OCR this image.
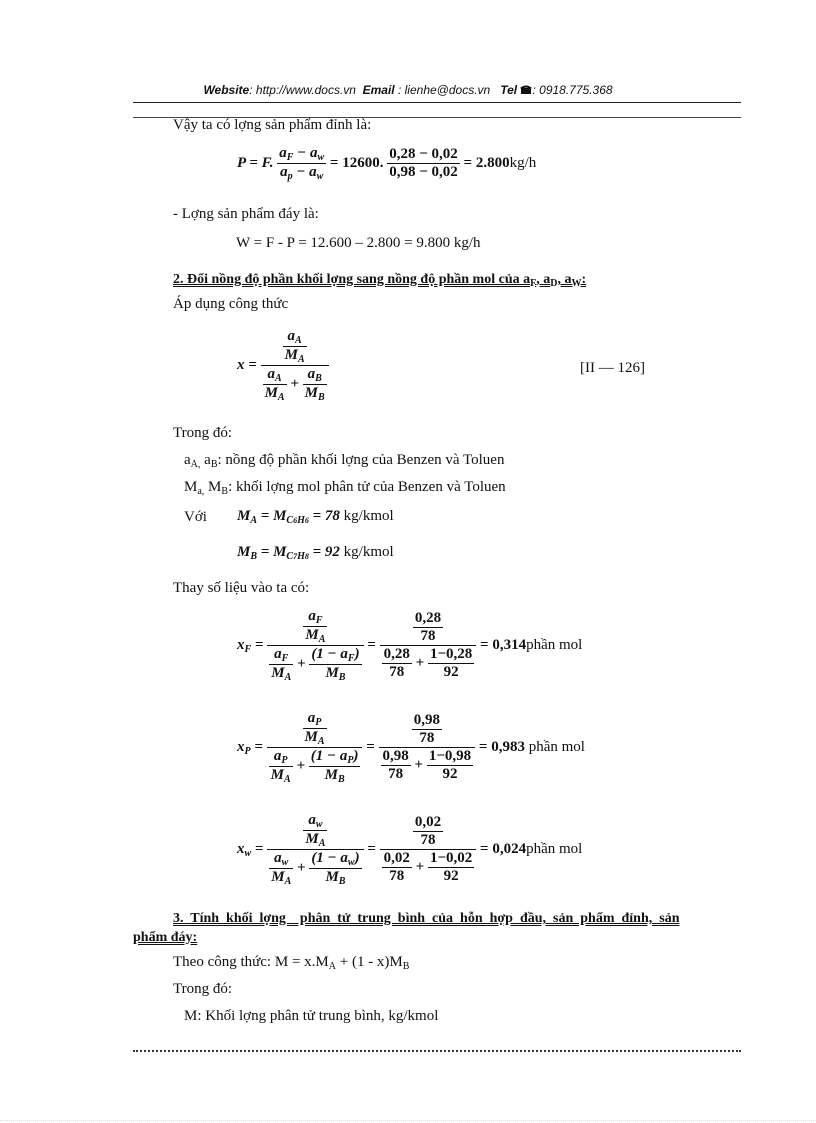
Website: http://www.docs.vn Email : lienhe@docs.vn Tel : 0918.775.368
Vậy ta có lợng sản phẩm đỉnh là:
P = F. $\frac{a_F - a_w}{a_p - a_w} = 12600$. $\frac{0,28 - 0,02}{0,98 - 0,02} = 2.800kg/h$
- Lợng sản phẩm đáy là:
W = F - P = 12.600 – 2.800 = 9.800 kg/h
2. Đổi nồng độ phần khối lợng sang nồng độ phần mol của $a_F$, $a_D$, $a_W$:
Áp dụng công thức
$x = \frac{\frac{a_A}{M_A}}{\frac{a_A}{M_A} + \frac{a_B}{M_B}}$	[II — 126]
Trong đó:
$a_{A,}$ $a_B$: nồng độ phần khối lợng của Benzen và Toluen
$M_{a,}$ $M_B$: khối lợng mol phân tử của Benzen và Toluen
Với $M_A = M_{C6H6} = 78$ kg/kmol
$M_B = M_{C7H8} = 92$ kg/kmol
Thay số liệu vào ta có:
$x_F = \frac{\frac{a_F}{M_A}}{\frac{a_F}{M_A} + \frac{(1 - a_F)}{M_B}} = \frac{\frac{0,28}{78}}{\frac{0,28}{78} + \frac{1-0,28}{92}}$ = 0,314phần mol
$x_P = \frac{\frac{a_P}{M_A}}{\frac{a_P}{M_A} + \frac{(1 - a_P)}{M_B}} = \frac{\frac{0,98}{78}}{\frac{0,98}{78} + \frac{1-0,98}{92}} = 0,983$ phần mol
$x_w = \frac{\frac{a_w}{M_A}}{\frac{a_w}{M_A} + \frac{(1 - a_w)}{M_B}} = \frac{\frac{0,02}{78}}{\frac{0,02}{78} + \frac{1-0,02}{92}}$ = 0,024phần mol
3.  Tính  khối  lợng    phân  tử  trung  bình  của  hỗn  hợp  đầu,  sản  phẩm  đỉnh,  sản
phẩm đáy:
Theo công thức: $M = x.M_A + (1 - x)M_B$
Trong đó:
M: Khối lợng phân tử trung bình, kg/kmol
